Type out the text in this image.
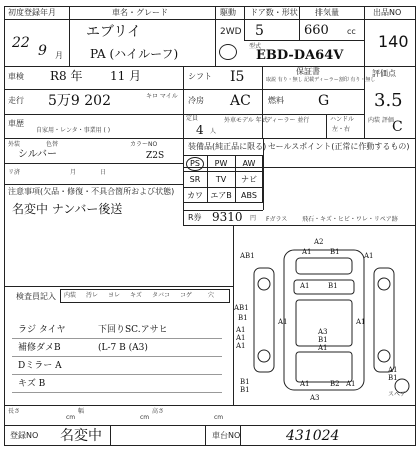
初度登録年月	車名・グレード	駆動 ドア数・形状 排気量	出品NO
22 9 月
エブリイ
PA (ハイルーフ)
2WD 5	660 cc
140
型式
EBD-DA64V
車検 R8 年 11 月	シフト I5	保証書
取説 有り・無し 記載ディーラー割印 有り・無し
評価点
走行 5万9 202	キロ マイル 冷房 AC 燃料 G 3.5
車歴
自家用・レンタ・事業用 ( )
定員
4 人
外車モデル 年式
ディーラー 並行	ハンドル
左・右
内装 評価
C
外装	色替	カラーNO
シルバー	Z2S
リ済	月	日
装備品(純正品に限る) セールスポイント(正常に作動するもの)
PS	PW	AW
SR	TV	ナビ
カワ エアB	ABS
R券 9310 円
注意事項(欠品・修復・不具合箇所および状態)
名変中 ナンバー後送
Fガラス 飛石・キズ・ヒビ・ワレ・リペア跡
検査員記入 内装 汚レ ヨレ キズ タバコ コゲ	穴
ラジ タイヤ	下回りSC.アサヒ
補修ダメB	(L-7 B (A3)
Dミラー A
キズ B
A2
AB1	A1	B1	A1
AB1
B1
A1	B1
A1
A1
A1
A1	A1
A3
B1
A1
B2 A1
A1
A1
B1
B1
B1
A3	スペア
長さ
cm
幅
cm
高さ
cm
登録NO 名変中	車台NO	431024
